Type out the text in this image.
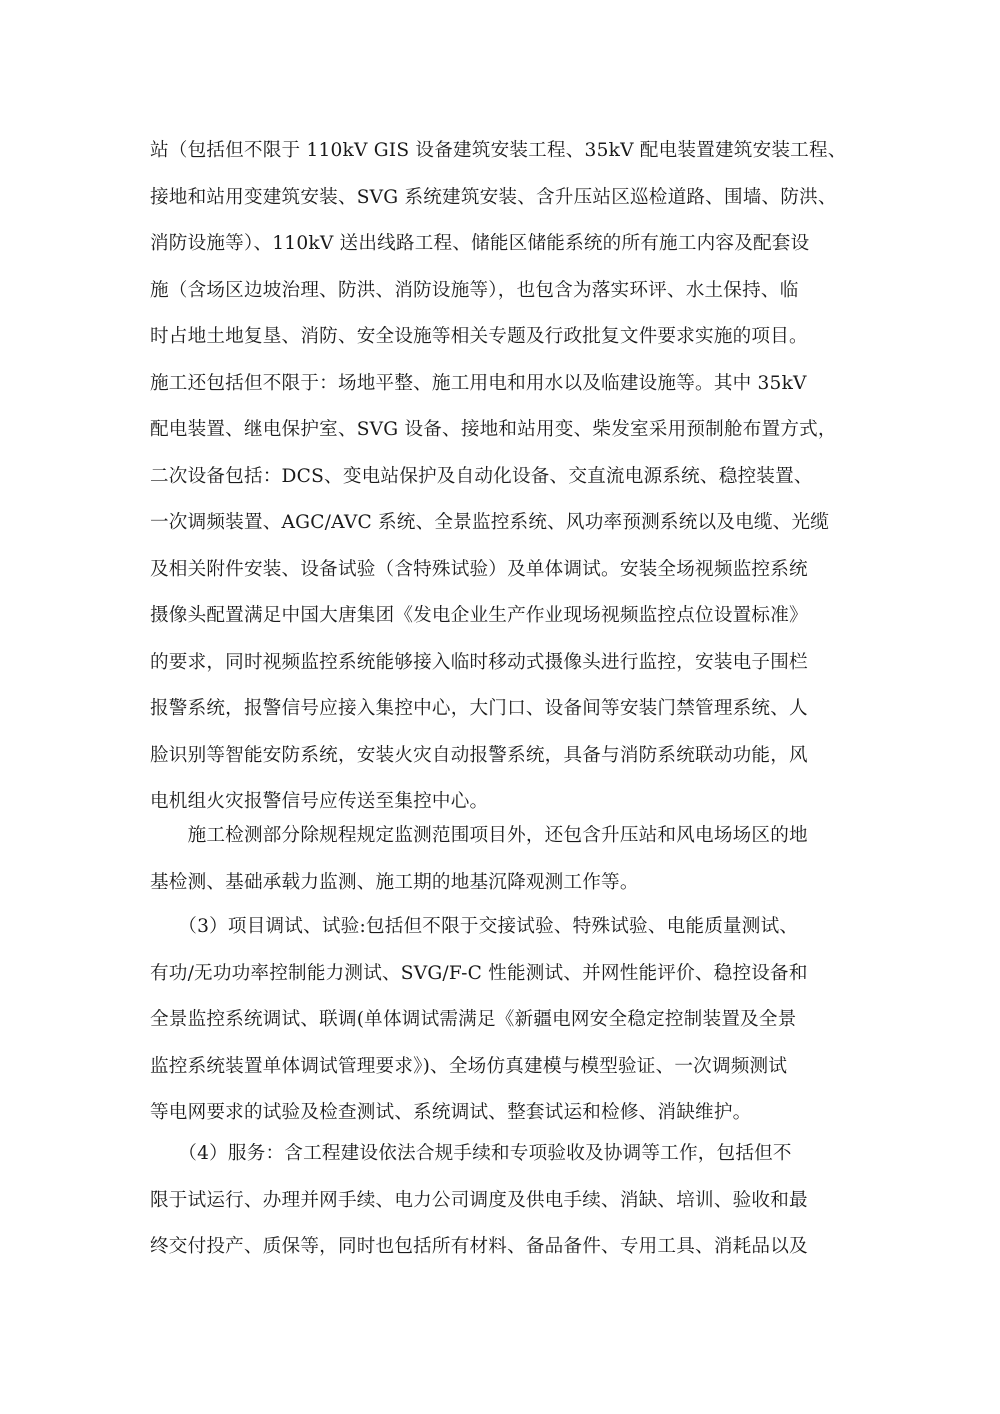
站（包括但不限于 110kV GIS 设备建筑安装工程、35kV 配电装置建筑安装工程、
接地和站用变建筑安装、SVG 系统建筑安装、含升压站区巡检道路、围墙、防洪、
消防设施等）、110kV 送出线路工程、储能区储能系统的所有施工内容及配套设
施（含场区边坡治理、防洪、消防设施等），也包含为落实环评、水土保持、临
时占地土地复垦、消防、安全设施等相关专题及行政批复文件要求实施的项目。
施工还包括但不限于：场地平整、施工用电和用水以及临建设施等。其中 35kV
配电装置、继电保护室、SVG 设备、接地和站用变、柴发室采用预制舱布置方式，
二次设备包括：DCS、变电站保护及自动化设备、交直流电源系统、稳控装置、
一次调频装置、AGC/AVC 系统、全景监控系统、风功率预测系统以及电缆、光缆
及相关附件安装、设备试验（含特殊试验）及单体调试。安装全场视频监控系统
摄像头配置满足中国大唐集团《发电企业生产作业现场视频监控点位设置标准》
的要求，同时视频监控系统能够接入临时移动式摄像头进行监控，安装电子围栏
报警系统，报警信号应接入集控中心，大门口、设备间等安装门禁管理系统、人
脸识别等智能安防系统，安装火灾自动报警系统，具备与消防系统联动功能，风
电机组火灾报警信号应传送至集控中心。
　　施工检测部分除规程规定监测范围项目外，还包含升压站和风电场场区的地
基检测、基础承载力监测、施工期的地基沉降观测工作等。
　　（3）项目调试、试验:包括但不限于交接试验、特殊试验、电能质量测试、
有功/无功功率控制能力测试、SVG/F-C 性能测试、并网性能评价、稳控设备和
全景监控系统调试、联调(单体调试需满足《新疆电网安全稳定控制装置及全景
监控系统装置单体调试管理要求》)、全场仿真建模与模型验证、一次调频测试
等电网要求的试验及检查测试、系统调试、整套试运和检修、消缺维护。
　　（4）服务：含工程建设依法合规手续和专项验收及协调等工作，包括但不
限于试运行、办理并网手续、电力公司调度及供电手续、消缺、培训、验收和最
终交付投产、质保等，同时也包括所有材料、备品备件、专用工具、消耗品以及
